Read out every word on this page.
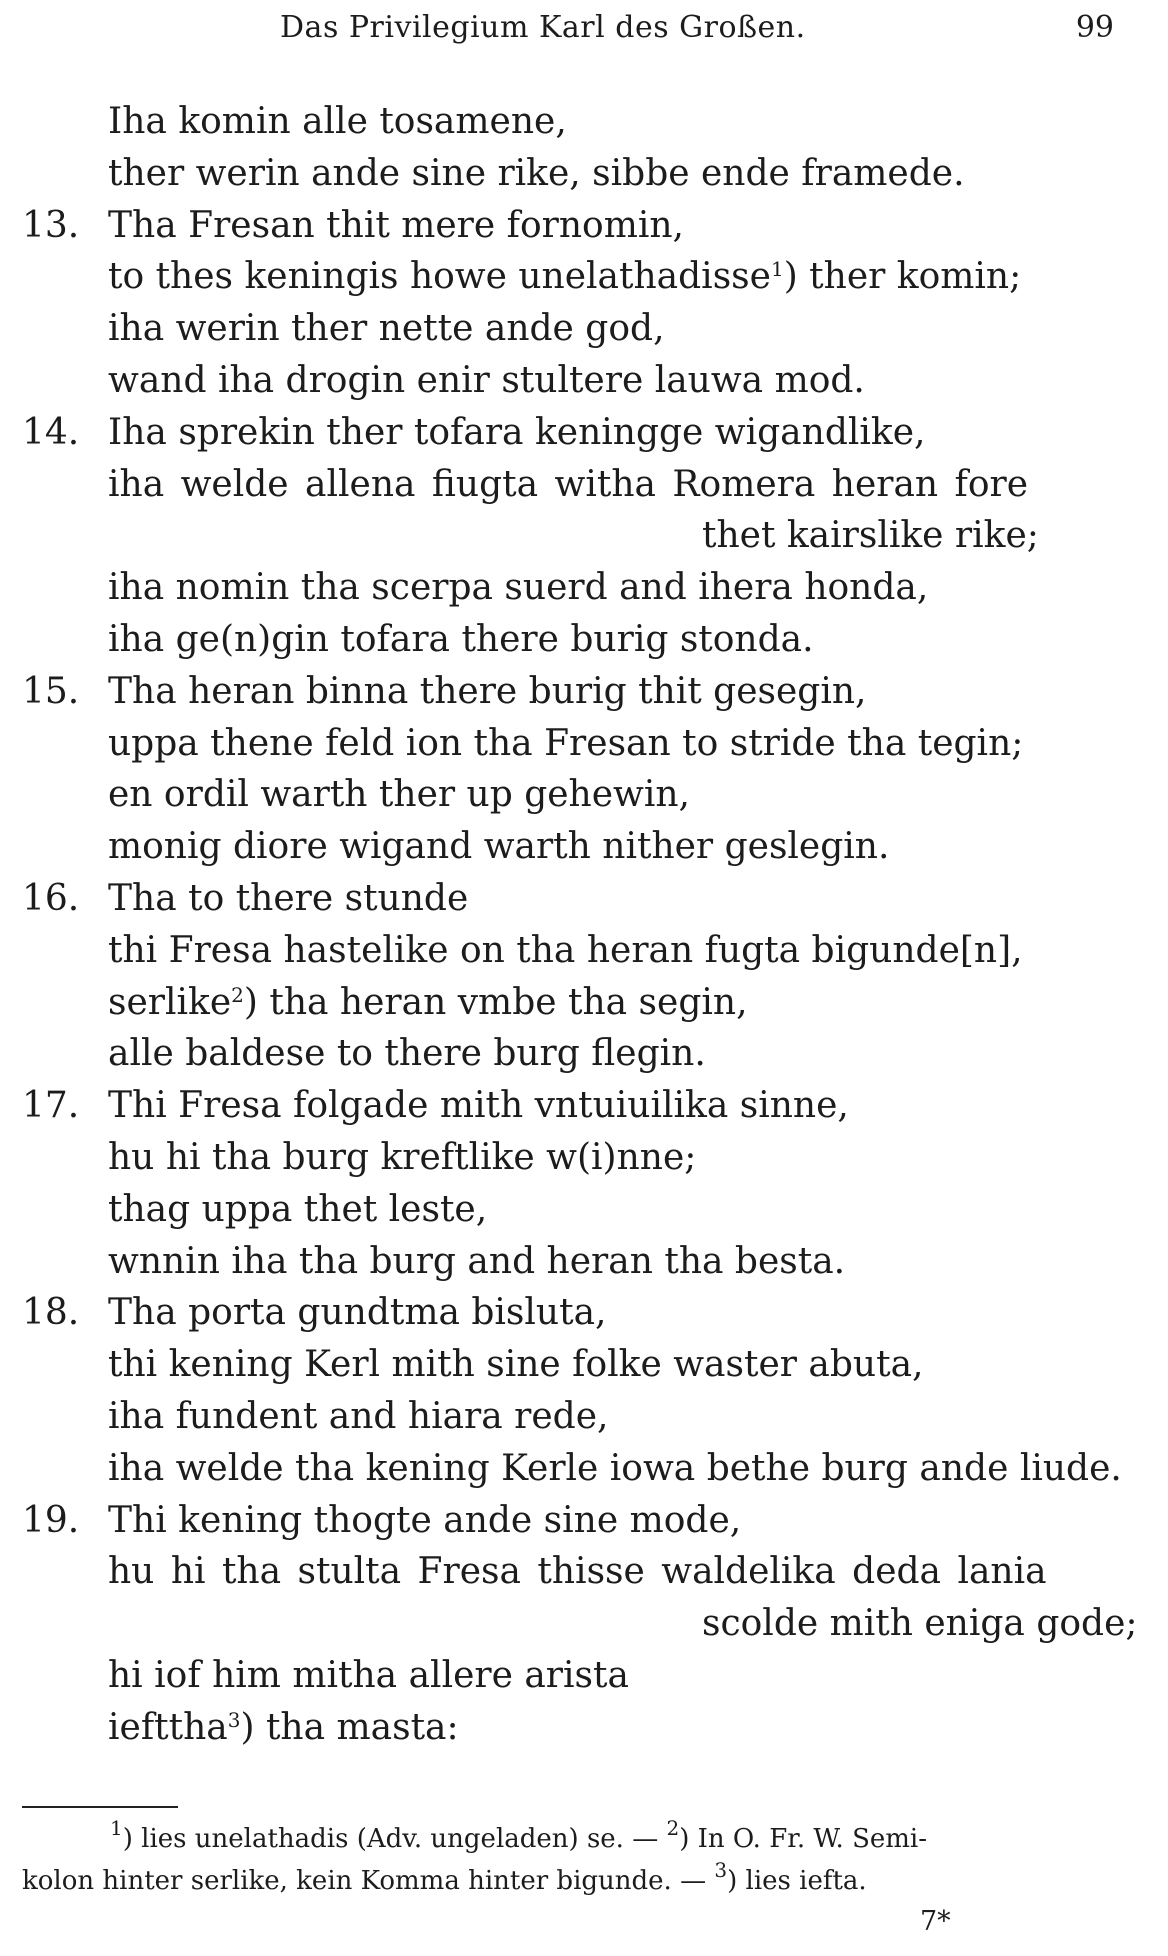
Das Privilegium Karl des Großen.	99
Iha komin alle tosamene,
ther werin ande sine rike, sibbe ende framede.
13. Tha Fresan thit mere fornomin,
to thes keningis howe unelathadisse$^1$) ther komin;
iha werin ther nette ande god,
wand iha drogin enir stultere lauwa mod.
14. Iha sprekin ther tofara keningge wigandlike,
iha welde allena fiugta witha Romera heran fore
thet kairslike rike;
iha nomin tha scerpa suerd and ihera honda,
iha ge(n)gin tofara there burig stonda.
15. Tha heran binna there burig thit gesegin,
uppa thene feld ion tha Fresan to stride tha tegin;
en ordil warth ther up gehewin,
monig diore wigand warth nither geslegin.
16. Tha to there stunde
thi Fresa hastelike on tha heran fugta bigunde[n],
serlike$^2$) tha heran vmbe tha segin,
alle baldese to there burg flegin.
17. Thi Fresa folgade mith vntuiuilika sinne,
hu hi tha burg kreftlike w(i)nne;
thag uppa thet leste,
wnnin iha tha burg and heran tha besta.
18. Tha porta gundtma bisluta,
thi kening Kerl mith sine folke waster abuta,
iha fundent and hiara rede,
iha welde tha kening Kerle iowa bethe burg ande liude.
19. Thi kening thogte ande sine mode,
hu hi tha stulta Fresa thisse waldelika deda lania
scolde mith eniga gode;
hi iof him mitha allere arista
iefttha$^3$) tha masta:
$^1$) lies unelathadis (Adv. ungeladen) se. — $^2$) In O. Fr. W. Semi-
kolon hinter serlike, kein Komma hinter bigunde. — $^3$) lies iefta.
7*
